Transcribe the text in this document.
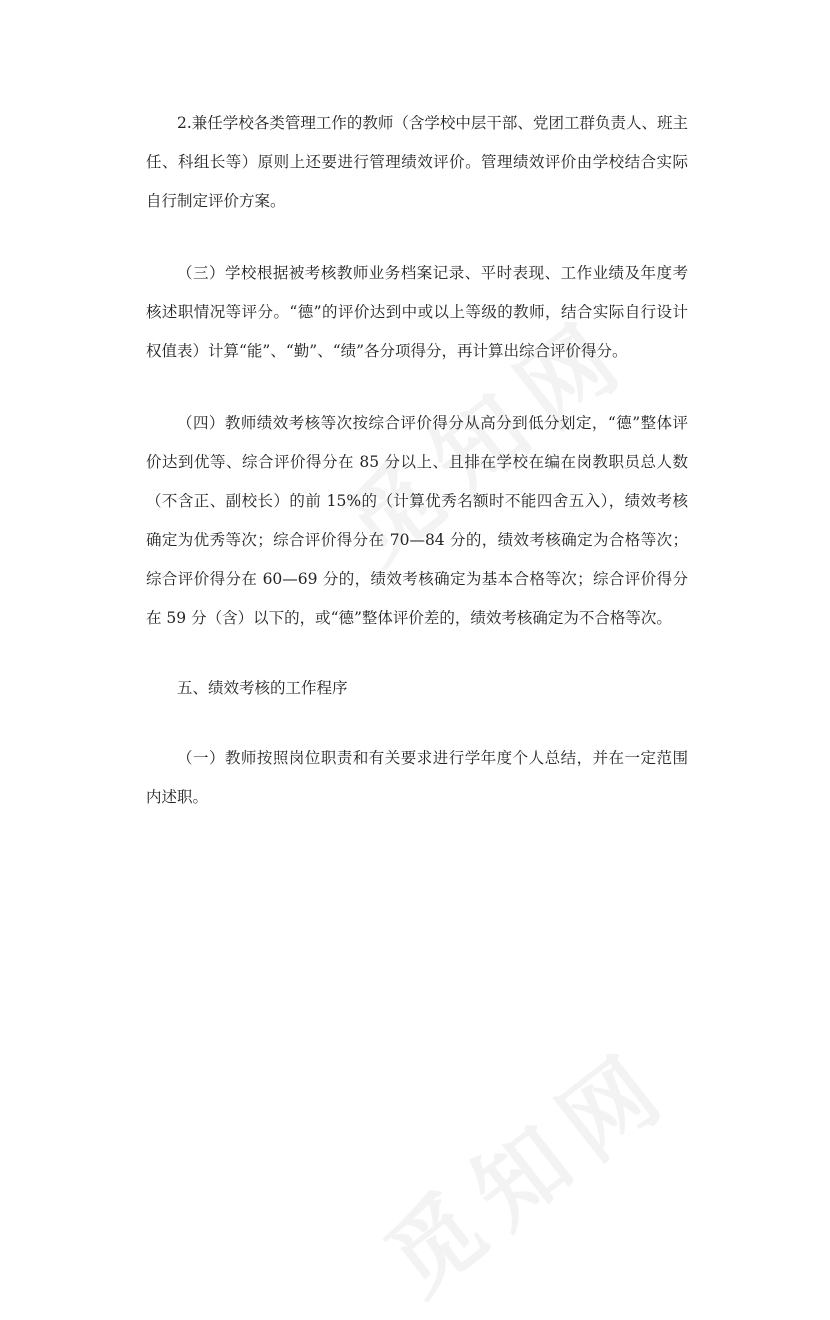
2.兼任学校各类管理工作的教师（含学校中层干部、党团工群负责人、班主任、科组长等）原则上还要进行管理绩效评价。管理绩效评价由学校结合实际自行制定评价方案。

（三）学校根据被考核教师业务档案记录、平时表现、工作业绩及年度考核述职情况等评分。“德”的评价达到中或以上等级的教师，结合实际自行设计权值表）计算“能”、“勤”、“绩”各分项得分，再计算出综合评价得分。

（四）教师绩效考核等次按综合评价得分从高分到低分划定，“德”整体评价达到优等、综合评价得分在 85 分以上、且排在学校在编在岗教职员总人数（不含正、副校长）的前 15%的（计算优秀名额时不能四舍五入），绩效考核确定为优秀等次；综合评价得分在 70—84 分的，绩效考核确定为合格等次；综合评价得分在 60—69 分的，绩效考核确定为基本合格等次；综合评价得分在 59 分（含）以下的，或“德”整体评价差的，绩效考核确定为不合格等次。

五、绩效考核的工作程序

（一）教师按照岗位职责和有关要求进行学年度个人总结，并在一定范围内述职。
